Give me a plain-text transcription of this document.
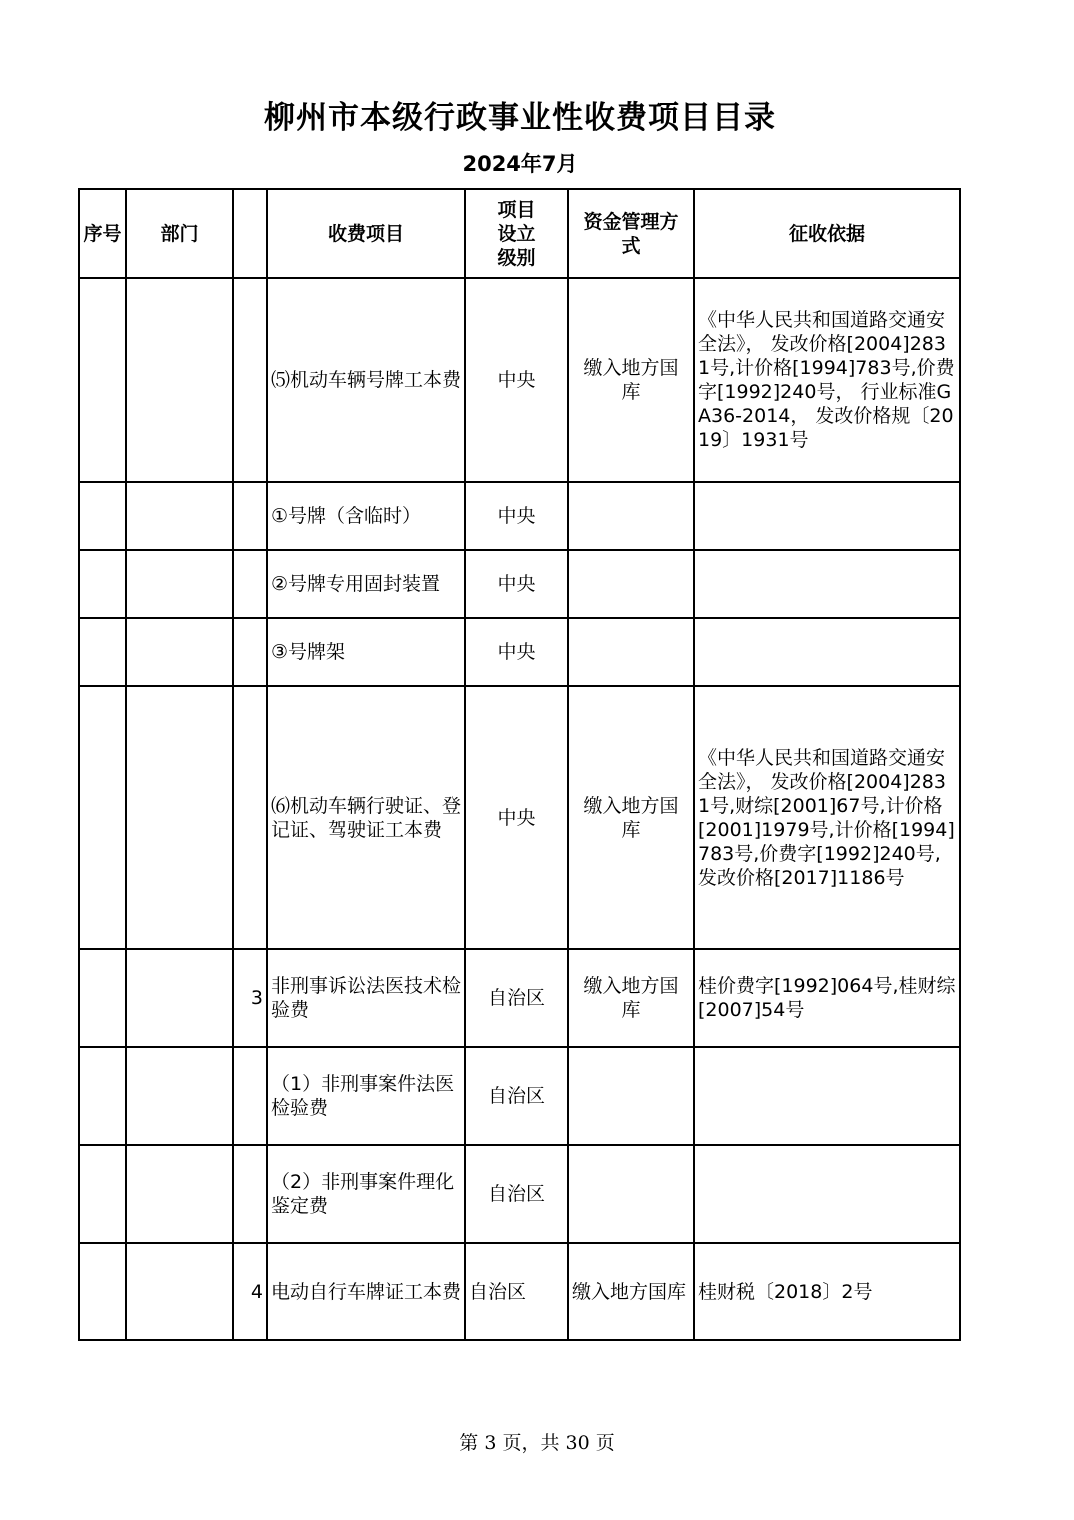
柳州市本级行政事业性收费项目目录
2024年7月
序号	部门		收费项目	项目设立级别	资金管理方式	征收依据
			⑸机动车辆号牌工本费	中央	缴入地方国库	《中华人民共和国道路交通安全法》， 发改价格[2004]2831号,计价格[1994]783号,价费字[1992]240号， 行业标准GA36-2014， 发改价格规〔2019〕1931号
			①号牌（含临时）	中央		
			②号牌专用固封装置	中央		
			③号牌架	中央		
			⑹机动车辆行驶证、登记证、驾驶证工本费	中央	缴入地方国库	《中华人民共和国道路交通安全法》， 发改价格[2004]2831号,财综[2001]67号,计价格[2001]1979号,计价格[1994]783号,价费字[1992]240号,发改价格[2017]1186号
		3	非刑事诉讼法医技术检验费	自治区	缴入地方国库	桂价费字[1992]064号,桂财综[2007]54号
			（1）非刑事案件法医检验费	自治区		
			（2）非刑事案件理化鉴定费	自治区		
		4	电动自行车牌证工本费	自治区	缴入地方国库	桂财税〔2018〕2号
第 3 页，共 30 页
